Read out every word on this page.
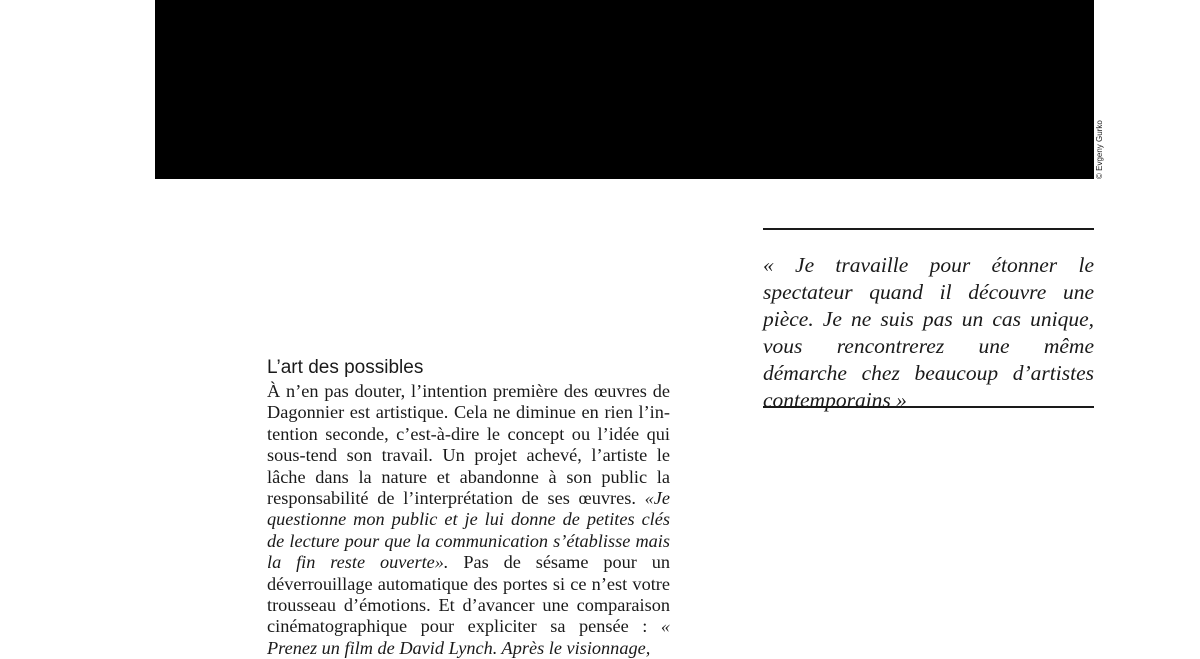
© Evgeny Gurko

« Je travaille pour étonner le spectateur quand il découvre une pièce. Je ne suis pas un cas unique, vous rencontrerez une même démarche chez beaucoup d’artistes contemporains »

L’art des possibles

À n’en pas douter, l’intention première des œuvres de Dagonnier est artistique. Cela ne diminue en rien l’intention seconde, c’est-à-dire le concept ou l’idée qui sous-tend son travail. Un projet achevé, l’artiste le lâche dans la nature et abandonne à son public la responsabilité de l’interprétation de ses œuvres. «Je questionne mon public et je lui donne de petites clés de lecture pour que la communication s’établisse mais la fin reste ouverte». Pas de sésame pour un déverrouillage automatique des portes si ce n’est votre trousseau d’émotions. Et d’avancer une comparaison cinématographique pour expliciter sa pensée : « Prenez un film de David Lynch. Après le visionnage,
